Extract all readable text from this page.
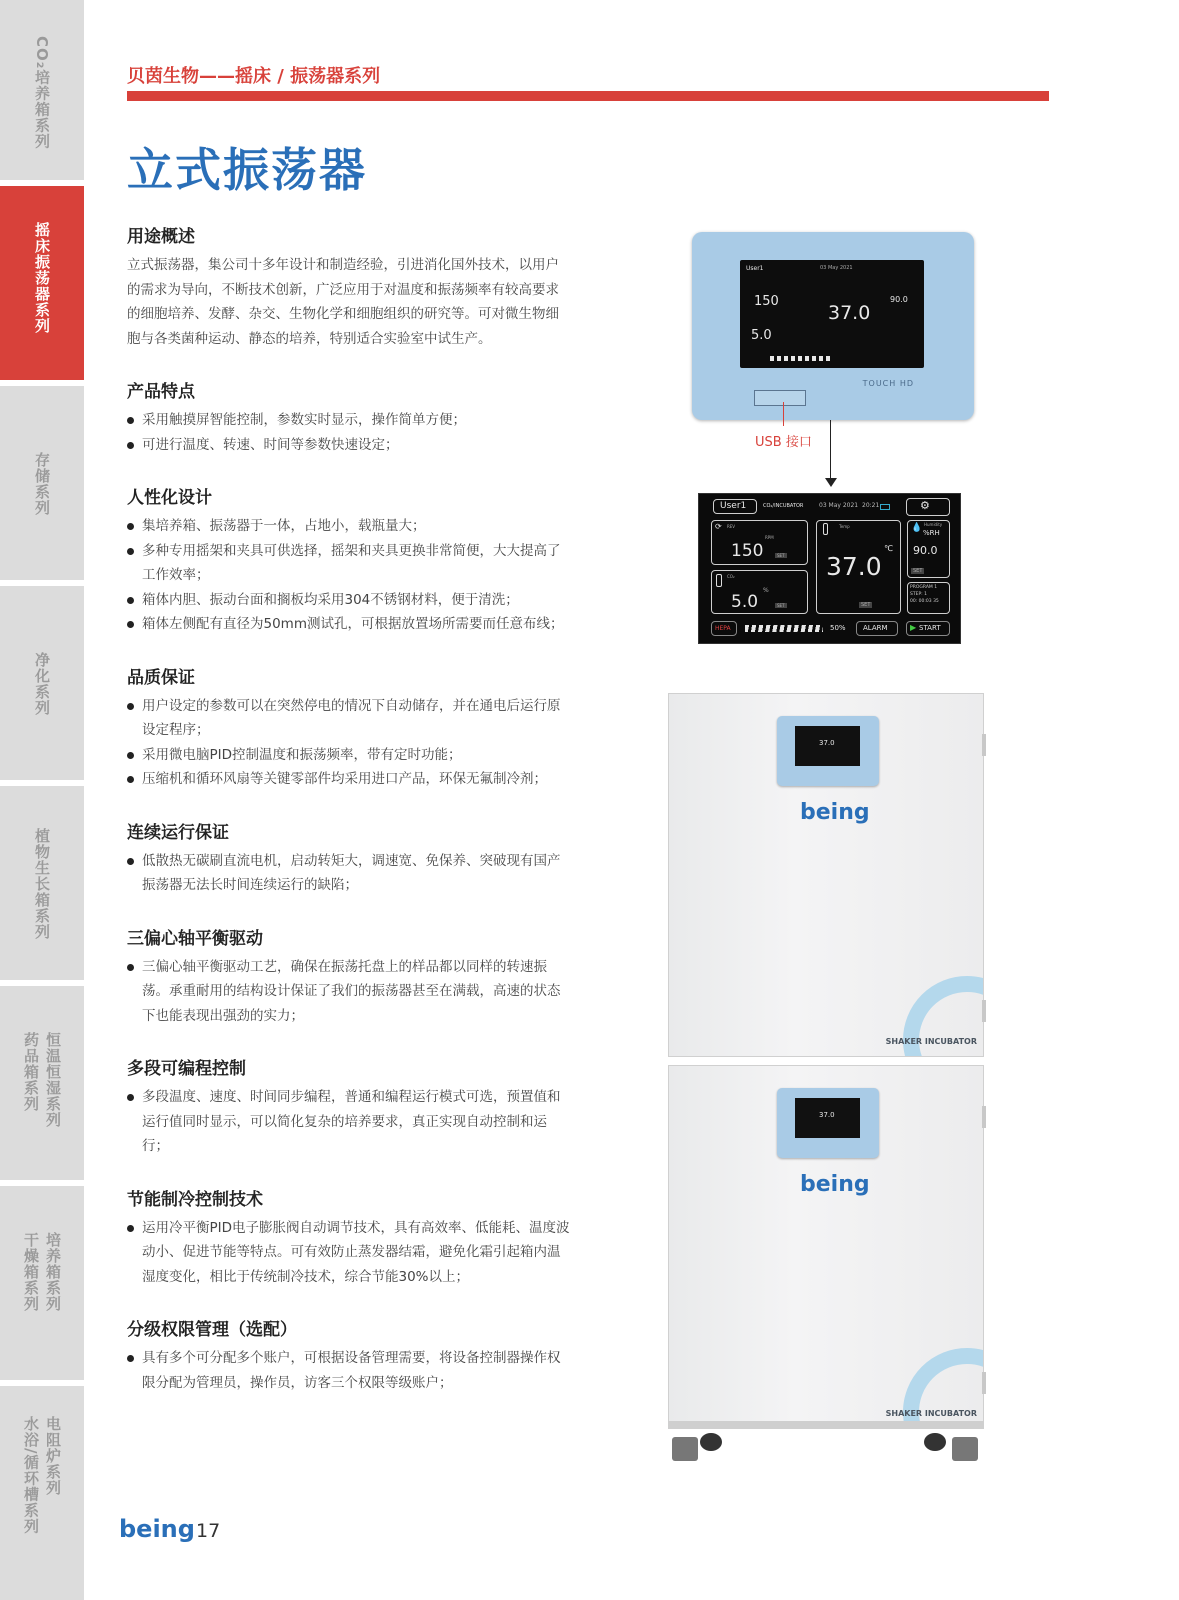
CO₂培养箱系列
摇床振荡器系列
存储系列
净化系列
植物生长箱系列
恒温恒湿系列
药品箱系列
培养箱系列
干燥箱系列
电阻炉系列
水浴/循环槽系列
贝茵生物——摇床 / 振荡器系列
立式振荡器
用途概述
立式振荡器，集公司十多年设计和制造经验，引进消化国外技术，以用户的需求为导向，不断技术创新，广泛应用于对温度和振荡频率有较高要求的细胞培养、发酵、杂交、生物化学和细胞组织的研究等。可对微生物细胞与各类菌种运动、静态的培养，特别适合实验室中试生产。
产品特点
采用触摸屏智能控制，参数实时显示，操作简单方便；
可进行温度、转速、时间等参数快速设定；
人性化设计
集培养箱、振荡器于一体，占地小，载瓶量大；
多种专用摇架和夹具可供选择，摇架和夹具更换非常简便，大大提高了工作效率；
箱体内胆、振动台面和搁板均采用304不锈钢材料，便于清洗；
箱体左侧配有直径为50mm测试孔，可根据放置场所需要而任意布线；
品质保证
用户设定的参数可以在突然停电的情况下自动储存，并在通电后运行原设定程序；
采用微电脑PID控制温度和振荡频率，带有定时功能；
压缩机和循环风扇等关键零部件均采用进口产品，环保无氟制冷剂；
连续运行保证
低散热无碳刷直流电机，启动转矩大，调速宽、免保养、突破现有国产振荡器无法长时间连续运行的缺陷；
三偏心轴平衡驱动
三偏心轴平衡驱动工艺，确保在振荡托盘上的样品都以同样的转速振荡。承重耐用的结构设计保证了我们的振荡器甚至在满载，高速的状态下也能表现出强劲的实力；
多段可编程控制
多段温度、速度、时间同步编程，普通和编程运行模式可选，预置值和运行值同时显示，可以简化复杂的培养要求，真正实现自动控制和运行；
节能制冷控制技术
运用冷平衡PID电子膨胀阀自动调节技术，具有高效率、低能耗、温度波动小、促进节能等特点。可有效防止蒸发器结霜，避免化霜引起箱内温湿度变化，相比于传统制冷技术，综合节能30%以上；
分级权限管理（选配）
具有多个可分配多个账户，可根据设备管理需要，将设备控制器操作权限分配为管理员，操作员，访客三个权限等级账户；
User1	03 May 2021
150
5.0
37.0
90.0
TOUCH HD
USB 接口
User1	CO₂/INCUBATOR	03 May 2021 20:21	⚙
⟳ REV
RPM
150	SET
CO₂
%
5.0	SET
Temp
℃
37.0
SET
💧 Humidity
%RH
90.0
SET
PROGRAM 1
STEP: 1
00: 00:03 35
HEPA	50% ALARM	▶ START
37.0
being
SHAKER INCUBATOR
37.0
being
SHAKER INCUBATOR
being 17
